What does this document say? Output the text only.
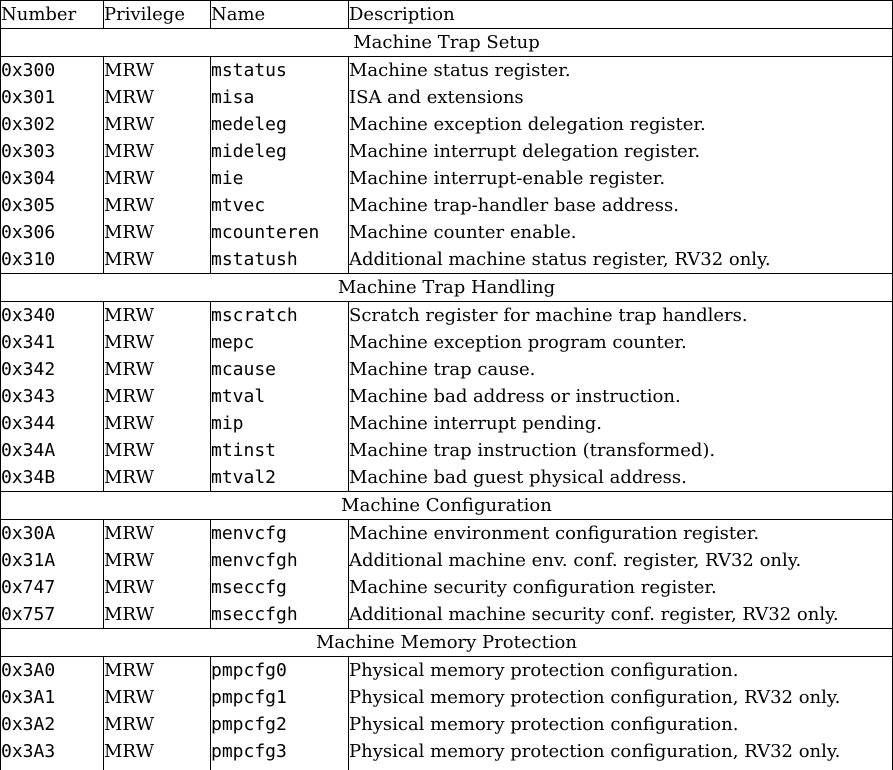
Number	Privilege	Name	Description
Machine Trap Setup			
0x300	MRW	mstatus	Machine status register.
0x301	MRW	misa	ISA and extensions
0x302	MRW	medeleg	Machine exception delegation register.
0x303	MRW	mideleg	Machine interrupt delegation register.
0x304	MRW	mie	Machine interrupt-enable register.
0x305	MRW	mtvec	Machine trap-handler base address.
0x306	MRW	mcounteren	Machine counter enable.
0x310	MRW	mstatush	Additional machine status register, RV32 only.
Machine Trap Handling			
0x340	MRW	mscratch	Scratch register for machine trap handlers.
0x341	MRW	mepc	Machine exception program counter.
0x342	MRW	mcause	Machine trap cause.
0x343	MRW	mtval	Machine bad address or instruction.
0x344	MRW	mip	Machine interrupt pending.
0x34A	MRW	mtinst	Machine trap instruction (transformed).
0x34B	MRW	mtval2	Machine bad guest physical address.
Machine Configuration			
0x30A	MRW	menvcfg	Machine environment configuration register.
0x31A	MRW	menvcfgh	Additional machine env. conf. register, RV32 only.
0x747	MRW	mseccfg	Machine security configuration register.
0x757	MRW	mseccfgh	Additional machine security conf. register, RV32 only.
Machine Memory Protection			
0x3A0	MRW	pmpcfg0	Physical memory protection configuration.
0x3A1	MRW	pmpcfg1	Physical memory protection configuration, RV32 only.
0x3A2	MRW	pmpcfg2	Physical memory protection configuration.
0x3A3	MRW	pmpcfg3	Physical memory protection configuration, RV32 only.
